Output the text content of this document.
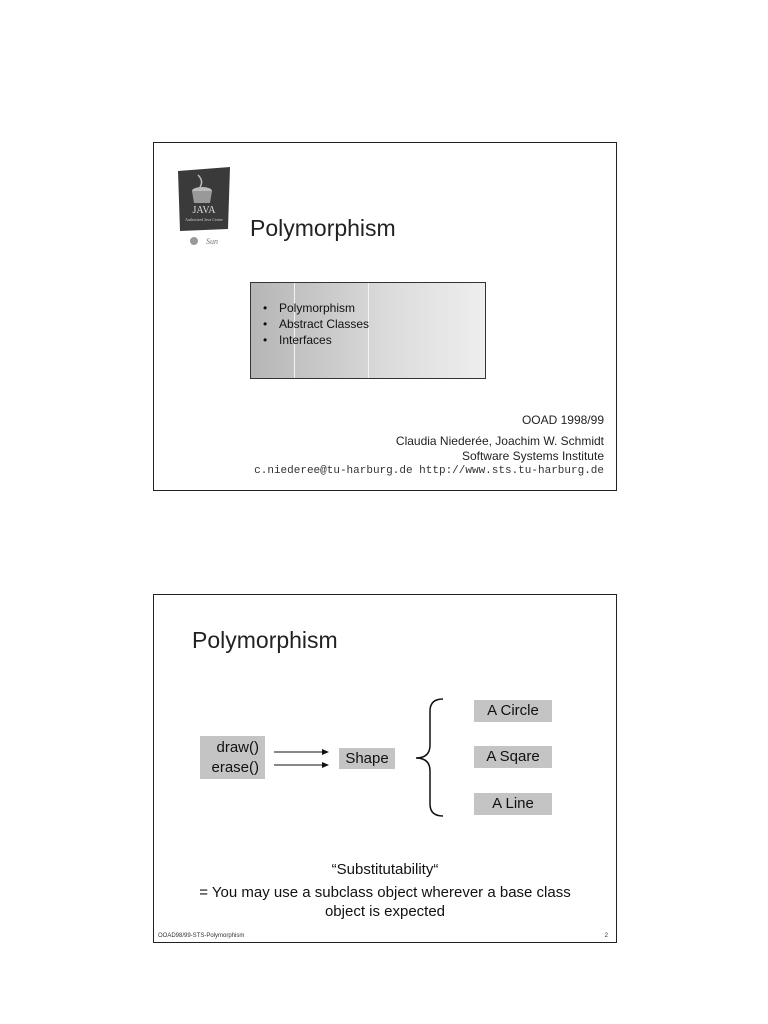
JAVA
Authorized Java Center
Sun
Polymorphism
• Polymorphism
• Abstract Classes
• Interfaces
OOAD 1998/99
Claudia Niederée, Joachim W. Schmidt
Software Systems Institute
c.niederee@tu-harburg.de http://www.sts.tu-harburg.de
Polymorphism
draw()
erase()
Shape
A Circle
A Sqare
A Line
“Substitutability“
= You may use a subclass object wherever a base class object is expected
OOAD98/99-STS-Polymorphism	2
